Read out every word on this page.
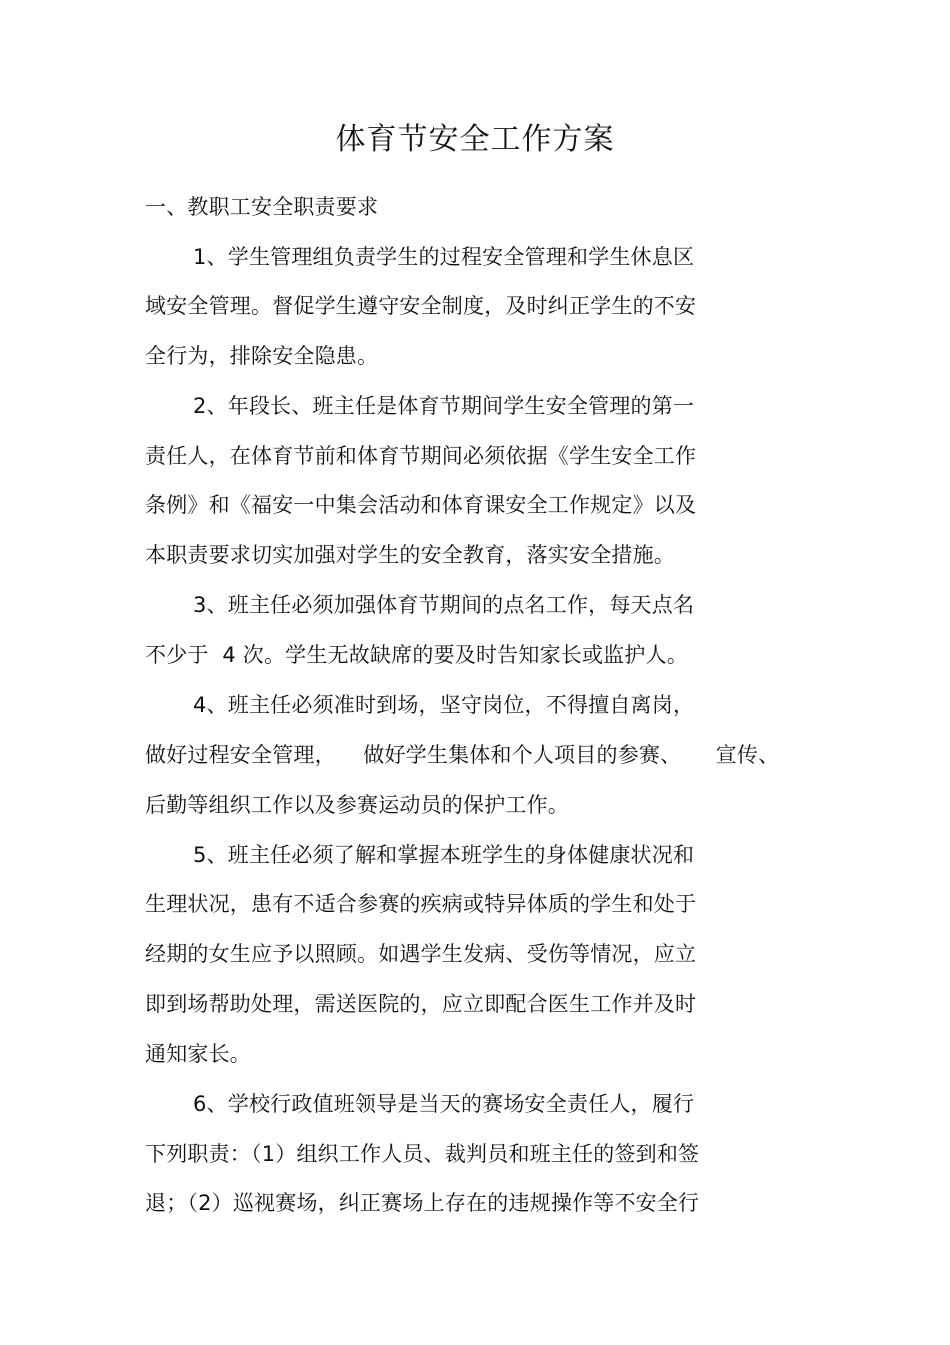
体育节安全工作方案
一、教职工安全职责要求
1、学生管理组负责学生的过程安全管理和学生休息区
域安全管理。督促学生遵守安全制度，及时纠正学生的不安
全行为，排除安全隐患。
2、年段长、班主任是体育节期间学生安全管理的第一
责任人，在体育节前和体育节期间必须依据《学生安全工作
条例》和《福安一中集会活动和体育课安全工作规定》以及
本职责要求切实加强对学生的安全教育，落实安全措施。
3、班主任必须加强体育节期间的点名工作，每天点名
不少于  4 次。学生无故缺席的要及时告知家长或监护人。
4、班主任必须准时到场，坚守岗位，不得擅自离岗，
做好过程安全管理，    做好学生集体和个人项目的参赛、     宣传、
后勤等组织工作以及参赛运动员的保护工作。
5、班主任必须了解和掌握本班学生的身体健康状况和
生理状况，患有不适合参赛的疾病或特异体质的学生和处于
经期的女生应予以照顾。如遇学生发病、受伤等情况，应立
即到场帮助处理，需送医院的，应立即配合医生工作并及时
通知家长。
6、学校行政值班领导是当天的赛场安全责任人，履行
下列职责：（1）组织工作人员、裁判员和班主任的签到和签
退；（2）巡视赛场，纠正赛场上存在的违规操作等不安全行
